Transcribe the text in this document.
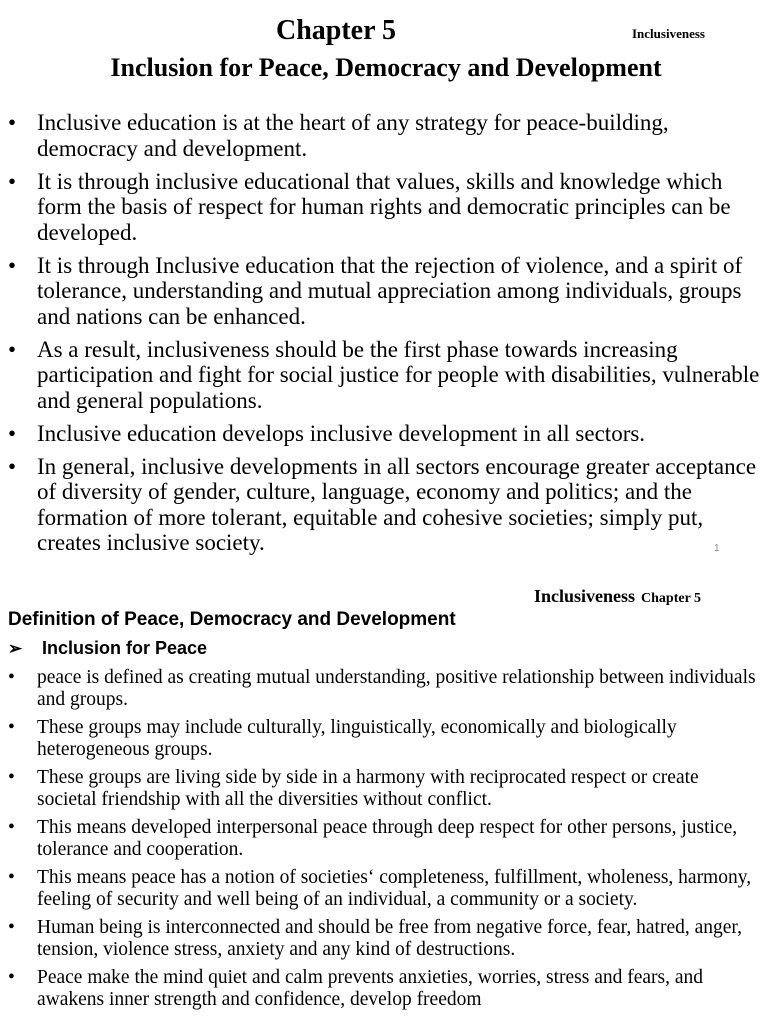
Chapter 5	Inclusiveness
Inclusion for Peace, Democracy and Development
• Inclusive education is at the heart of any strategy for peace-building, democracy and development.
• It is through inclusive educational that values, skills and knowledge which form the basis of respect for human rights and democratic principles can be developed.
• It is through Inclusive education that the rejection of violence, and a spirit of tolerance, understanding and mutual appreciation among individuals, groups and nations can be enhanced.
• As a result, inclusiveness should be the first phase towards increasing participation and fight for social justice for people with disabilities, vulnerable and general populations.
• Inclusive education develops inclusive development in all sectors.
• In general, inclusive developments in all sectors encourage greater acceptance of diversity of gender, culture, language, economy and politics; and the formation of more tolerant, equitable and cohesive societies; simply put, creates inclusive society.	1
Inclusiveness Chapter 5
Definition of Peace, Democracy and Development
➢ Inclusion for Peace
• peace is defined as creating mutual understanding, positive relationship between individuals and groups.
• These groups may include culturally, linguistically, economically and biologically heterogeneous groups.
• These groups are living side by side in a harmony with reciprocated respect or create societal friendship with all the diversities without conflict.
• This means developed interpersonal peace through deep respect for other persons, justice, tolerance and cooperation.
• This means peace has a notion of societies‘ completeness, fulfillment, wholeness, harmony, feeling of security and well being of an individual, a community or a society.
• Human being is interconnected and should be free from negative force, fear, hatred, anger, tension, violence stress, anxiety and any kind of destructions.
• Peace make the mind quiet and calm prevents anxieties, worries, stress and fears, and awakens inner strength and confidence, develop freedom
